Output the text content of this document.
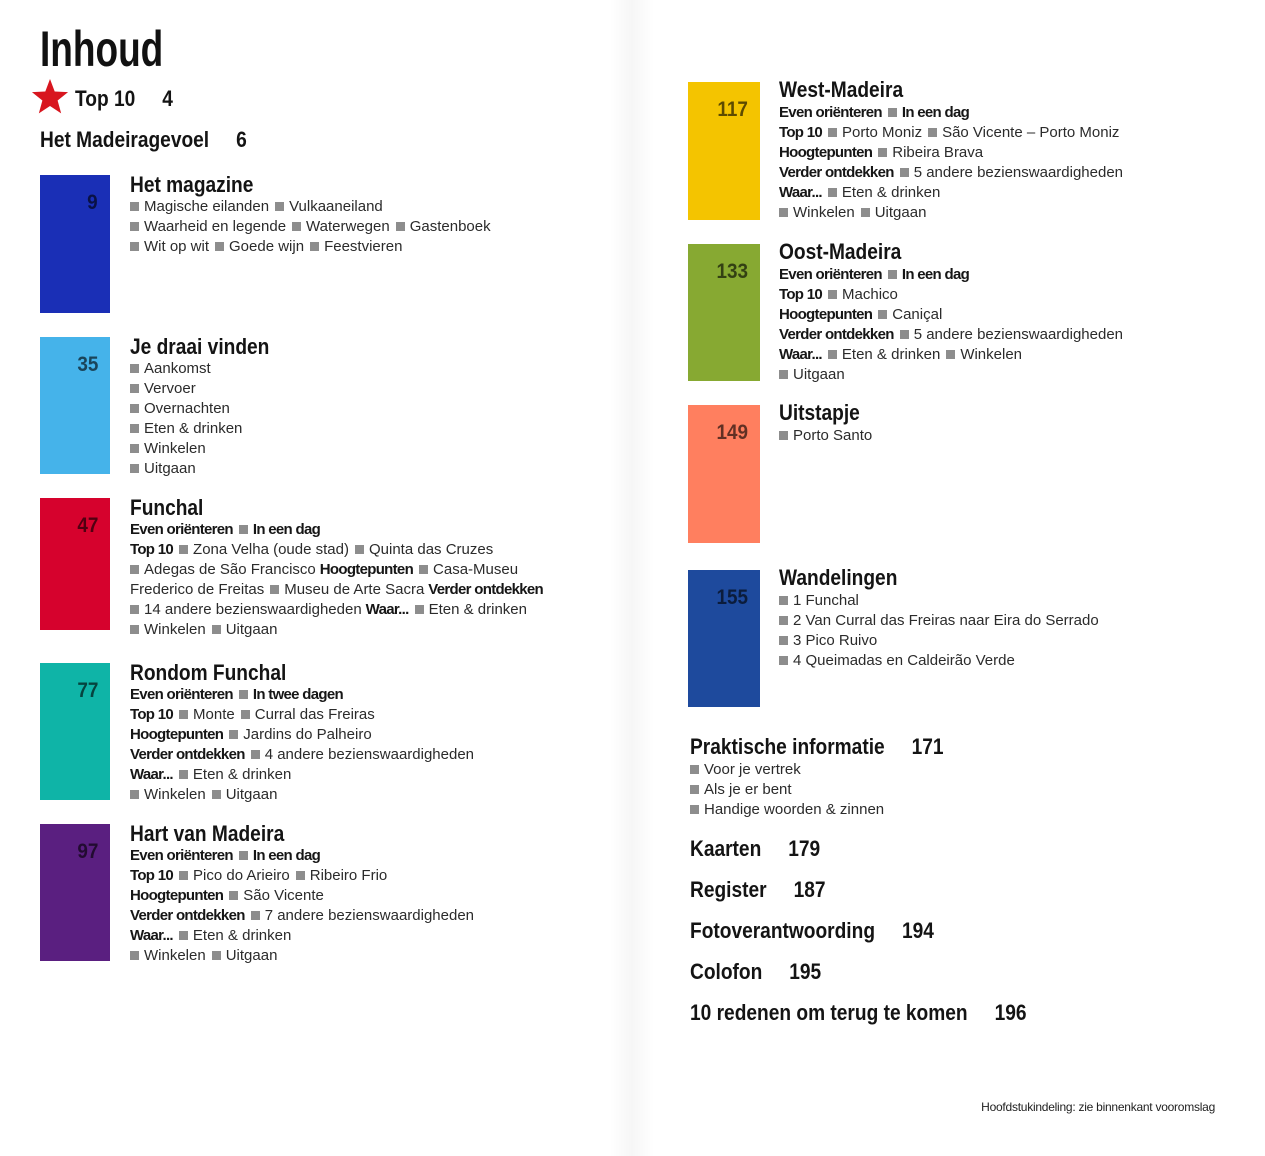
Inhoud
Top 10 4
Het Madeiragevoel 6
9
Het magazine
Magische eilanden Vulkaaneiland
Waarheid en legende Waterwegen Gastenboek
Wit op wit Goede wijn Feestvieren
35
Je draai vinden
Aankomst
Vervoer
Overnachten
Eten & drinken
Winkelen
Uitgaan
47
Funchal
Even oriënteren In een dag
Top 10 Zona Velha (oude stad) Quinta das Cruzes
Adegas de São Francisco Hoogtepunten Casa-Museu
Frederico de Freitas Museu de Arte Sacra Verder ontdekken
14 andere bezienswaardigheden Waar... Eten & drinken
Winkelen Uitgaan
77
Rondom Funchal
Even oriënteren In twee dagen
Top 10 Monte Curral das Freiras
Hoogtepunten Jardins do Palheiro
Verder ontdekken 4 andere bezienswaardigheden
Waar... Eten & drinken
Winkelen Uitgaan
97
Hart van Madeira
Even oriënteren In een dag
Top 10 Pico do Arieiro Ribeiro Frio
Hoogtepunten São Vicente
Verder ontdekken 7 andere bezienswaardigheden
Waar... Eten & drinken
Winkelen Uitgaan
117
West-Madeira
Even oriënteren In een dag
Top 10 Porto Moniz São Vicente – Porto Moniz
Hoogtepunten Ribeira Brava
Verder ontdekken 5 andere bezienswaardigheden
Waar... Eten & drinken
Winkelen Uitgaan
133
Oost-Madeira
Even oriënteren In een dag
Top 10 Machico
Hoogtepunten Caniçal
Verder ontdekken 5 andere bezienswaardigheden
Waar... Eten & drinken Winkelen
Uitgaan
149
Uitstapje
Porto Santo
155
Wandelingen
1 Funchal
2 Van Curral das Freiras naar Eira do Serrado
3 Pico Ruivo
4 Queimadas en Caldeirão Verde
Praktische informatie 171
Voor je vertrek
Als je er bent
Handige woorden & zinnen
Kaarten 179
Register 187
Fotoverantwoording 194
Colofon 195
10 redenen om terug te komen 196
Hoofdstukindeling: zie binnenkant vooromslag
